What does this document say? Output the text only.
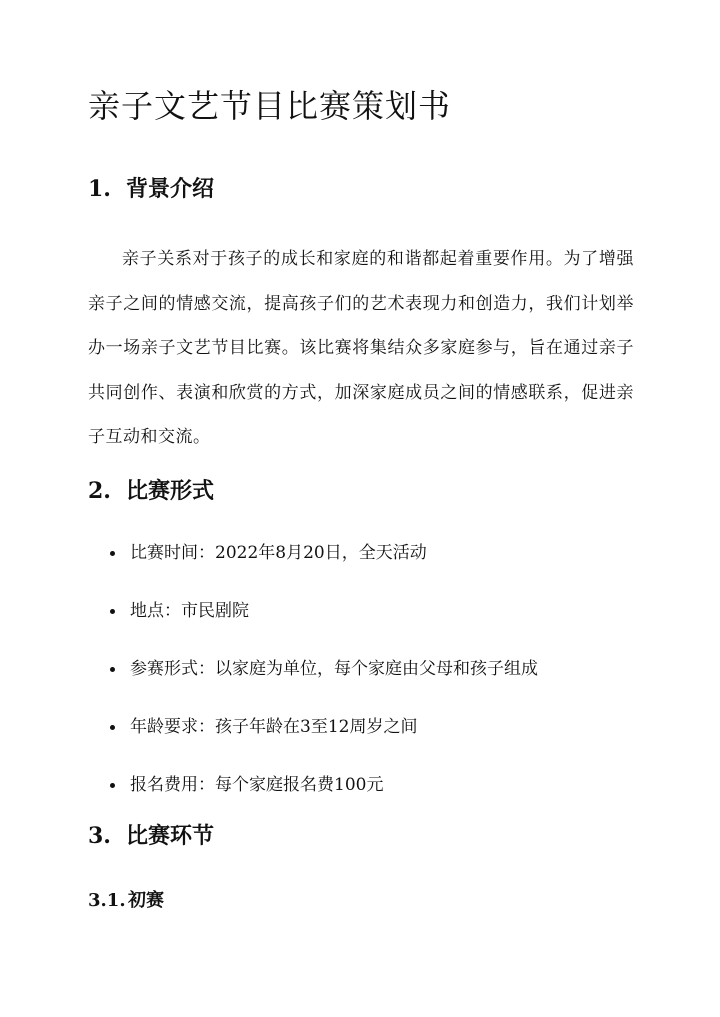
亲子文艺节目比赛策划书
1. 背景介绍

亲子关系对于孩子的成长和家庭的和谐都起着重要作用。为了增强亲子之间的情感交流，提高孩子们的艺术表现力和创造力，我们计划举办一场亲子文艺节目比赛。该比赛将集结众多家庭参与，旨在通过亲子共同创作、表演和欣赏的方式，加深家庭成员之间的情感联系，促进亲子互动和交流。

2. 比赛形式
比赛时间：2022年8月20日，全天活动
地点：市民剧院
参赛形式：以家庭为单位，每个家庭由父母和孩子组成
年龄要求：孩子年龄在3至12周岁之间
报名费用：每个家庭报名费100元
3. 比赛环节
3.1. 初赛
